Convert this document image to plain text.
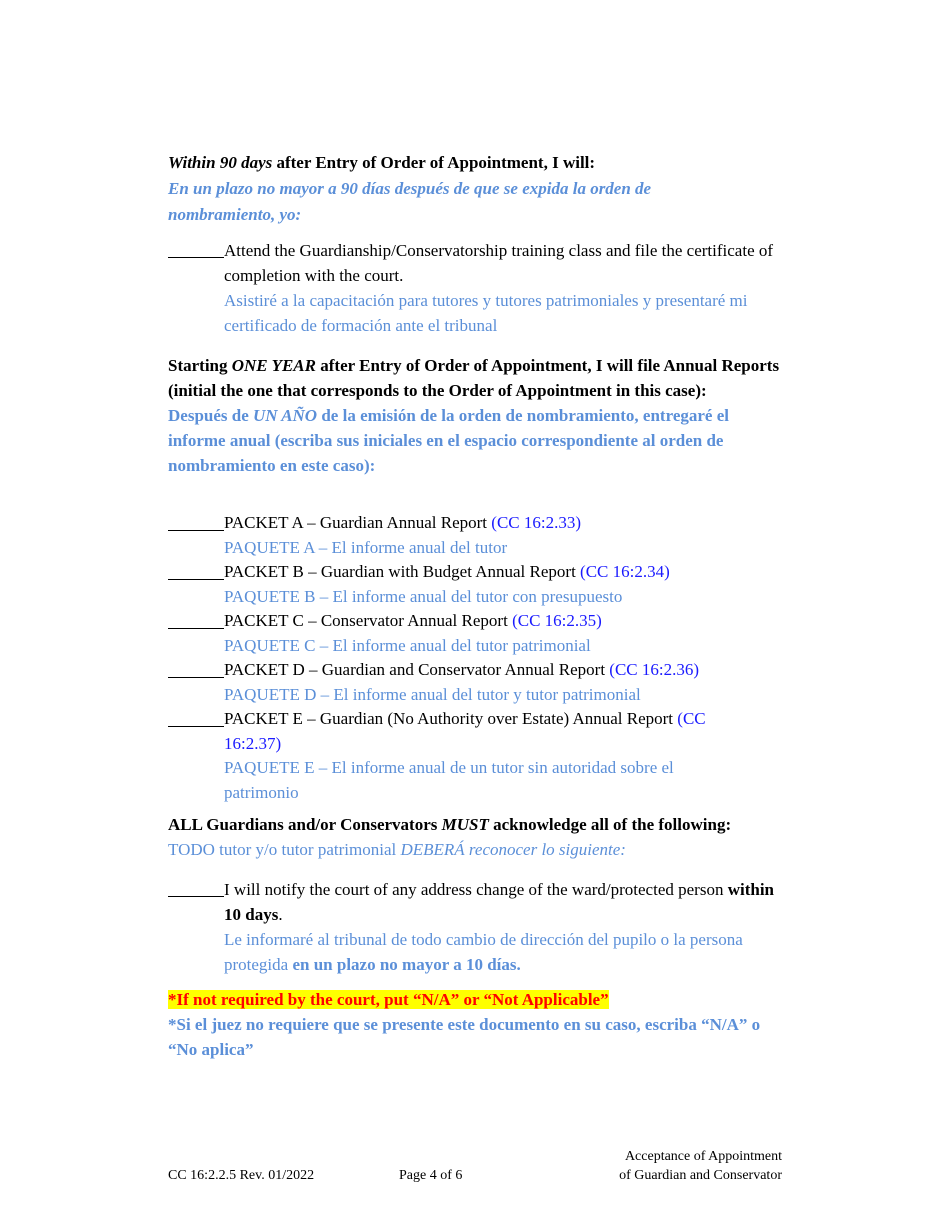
Within 90 days after Entry of Order of Appointment, I will:
En un plazo no mayor a 90 días después de que se expida la orden de nombramiento, yo:
Attend the Guardianship/Conservatorship training class and file the certificate of completion with the court.
Asistiré a la capacitación para tutores y tutores patrimoniales y presentaré mi certificado de formación ante el tribunal
Starting ONE YEAR after Entry of Order of Appointment, I will file Annual Reports (initial the one that corresponds to the Order of Appointment in this case):
Después de UN AÑO de la emisión de la orden de nombramiento, entregaré el informe anual (escriba sus iniciales en el espacio correspondiente al orden de nombramiento en este caso):
PACKET A – Guardian Annual Report (CC 16:2.33)
PAQUETE A – El informe anual del tutor
PACKET B – Guardian with Budget Annual Report (CC 16:2.34)
PAQUETE B – El informe anual del tutor con presupuesto
PACKET C – Conservator Annual Report (CC 16:2.35)
PAQUETE C – El informe anual del tutor patrimonial
PACKET D – Guardian and Conservator Annual Report (CC 16:2.36)
PAQUETE D – El informe anual del tutor y tutor patrimonial
PACKET E – Guardian (No Authority over Estate) Annual Report (CC 16:2.37)
PAQUETE E – El informe anual de un tutor sin autoridad sobre el patrimonio
ALL Guardians and/or Conservators MUST acknowledge all of the following:
TODO tutor y/o tutor patrimonial DEBERÁ reconocer lo siguiente:
I will notify the court of any address change of the ward/protected person within 10 days.
Le informaré al tribunal de todo cambio de dirección del pupilo o la persona protegida en un plazo no mayor a 10 días.
*If not required by the court, put “N/A” or “Not Applicable”
*Si el juez no requiere que se presente este documento en su caso, escriba “N/A” o “No aplica”
CC 16:2.2.5 Rev. 01/2022	Page 4 of 6
Acceptance of Appointment
of Guardian and Conservator
